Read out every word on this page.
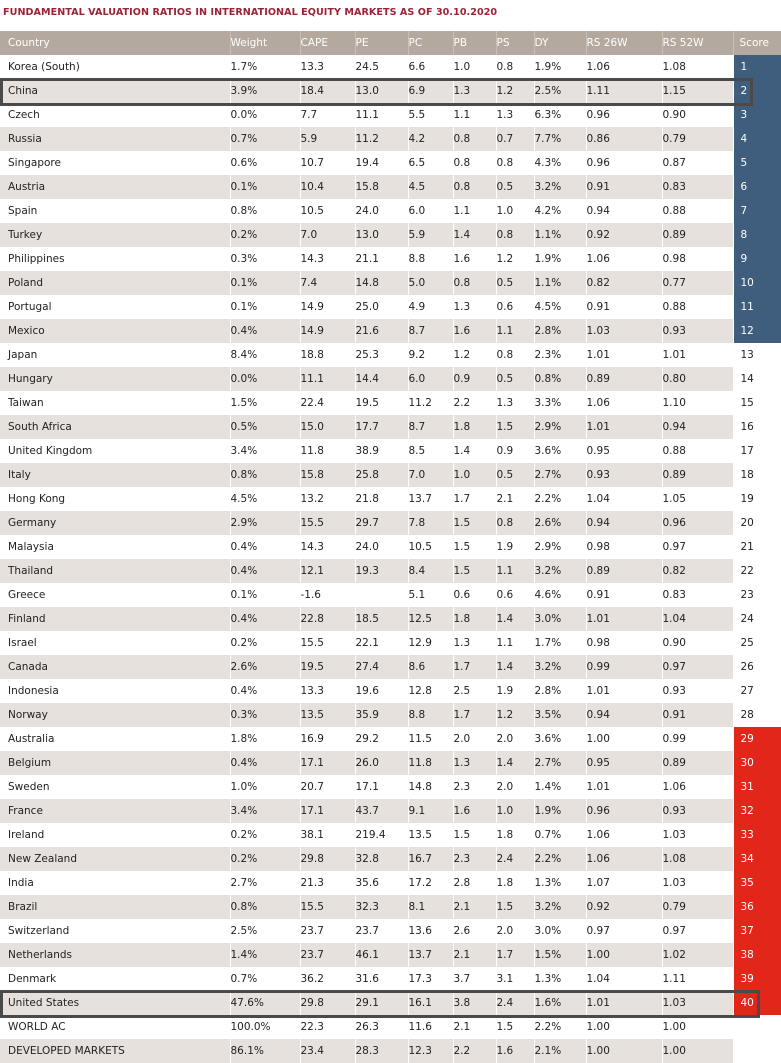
FUNDAMENTAL VALUATION RATIOS IN INTERNATIONAL EQUITY MARKETS AS OF 30.10.2020
Country	Weight	CAPE	PE	PC	PB	PS	DY	RS 26W	RS 52W	Score
Korea (South)	1.7%	13.3	24.5	6.6	1.0	0.8	1.9%	1.06	1.08	1
China	3.9%	18.4	13.0	6.9	1.3	1.2	2.5%	1.11	1.15	2
Czech	0.0%	7.7	11.1	5.5	1.1	1.3	6.3%	0.96	0.90	3
Russia	0.7%	5.9	11.2	4.2	0.8	0.7	7.7%	0.86	0.79	4
Singapore	0.6%	10.7	19.4	6.5	0.8	0.8	4.3%	0.96	0.87	5
Austria	0.1%	10.4	15.8	4.5	0.8	0.5	3.2%	0.91	0.83	6
Spain	0.8%	10.5	24.0	6.0	1.1	1.0	4.2%	0.94	0.88	7
Turkey	0.2%	7.0	13.0	5.9	1.4	0.8	1.1%	0.92	0.89	8
Philippines	0.3%	14.3	21.1	8.8	1.6	1.2	1.9%	1.06	0.98	9
Poland	0.1%	7.4	14.8	5.0	0.8	0.5	1.1%	0.82	0.77	10
Portugal	0.1%	14.9	25.0	4.9	1.3	0.6	4.5%	0.91	0.88	11
Mexico	0.4%	14.9	21.6	8.7	1.6	1.1	2.8%	1.03	0.93	12
Japan	8.4%	18.8	25.3	9.2	1.2	0.8	2.3%	1.01	1.01	13
Hungary	0.0%	11.1	14.4	6.0	0.9	0.5	0.8%	0.89	0.80	14
Taiwan	1.5%	22.4	19.5	11.2	2.2	1.3	3.3%	1.06	1.10	15
South Africa	0.5%	15.0	17.7	8.7	1.8	1.5	2.9%	1.01	0.94	16
United Kingdom	3.4%	11.8	38.9	8.5	1.4	0.9	3.6%	0.95	0.88	17
Italy	0.8%	15.8	25.8	7.0	1.0	0.5	2.7%	0.93	0.89	18
Hong Kong	4.5%	13.2	21.8	13.7	1.7	2.1	2.2%	1.04	1.05	19
Germany	2.9%	15.5	29.7	7.8	1.5	0.8	2.6%	0.94	0.96	20
Malaysia	0.4%	14.3	24.0	10.5	1.5	1.9	2.9%	0.98	0.97	21
Thailand	0.4%	12.1	19.3	8.4	1.5	1.1	3.2%	0.89	0.82	22
Greece	0.1%	-1.6		5.1	0.6	0.6	4.6%	0.91	0.83	23
Finland	0.4%	22.8	18.5	12.5	1.8	1.4	3.0%	1.01	1.04	24
Israel	0.2%	15.5	22.1	12.9	1.3	1.1	1.7%	0.98	0.90	25
Canada	2.6%	19.5	27.4	8.6	1.7	1.4	3.2%	0.99	0.97	26
Indonesia	0.4%	13.3	19.6	12.8	2.5	1.9	2.8%	1.01	0.93	27
Norway	0.3%	13.5	35.9	8.8	1.7	1.2	3.5%	0.94	0.91	28
Australia	1.8%	16.9	29.2	11.5	2.0	2.0	3.6%	1.00	0.99	29
Belgium	0.4%	17.1	26.0	11.8	1.3	1.4	2.7%	0.95	0.89	30
Sweden	1.0%	20.7	17.1	14.8	2.3	2.0	1.4%	1.01	1.06	31
France	3.4%	17.1	43.7	9.1	1.6	1.0	1.9%	0.96	0.93	32
Ireland	0.2%	38.1	219.4	13.5	1.5	1.8	0.7%	1.06	1.03	33
New Zealand	0.2%	29.8	32.8	16.7	2.3	2.4	2.2%	1.06	1.08	34
India	2.7%	21.3	35.6	17.2	2.8	1.8	1.3%	1.07	1.03	35
Brazil	0.8%	15.5	32.3	8.1	2.1	1.5	3.2%	0.92	0.79	36
Switzerland	2.5%	23.7	23.7	13.6	2.6	2.0	3.0%	0.97	0.97	37
Netherlands	1.4%	23.7	46.1	13.7	2.1	1.7	1.5%	1.00	1.02	38
Denmark	0.7%	36.2	31.6	17.3	3.7	3.1	1.3%	1.04	1.11	39
United States	47.6%	29.8	29.1	16.1	3.8	2.4	1.6%	1.01	1.03	40
WORLD AC	100.0%	22.3	26.3	11.6	2.1	1.5	2.2%	1.00	1.00	
DEVELOPED MARKETS	86.1%	23.4	28.3	12.3	2.2	1.6	2.1%	1.00	1.00	
